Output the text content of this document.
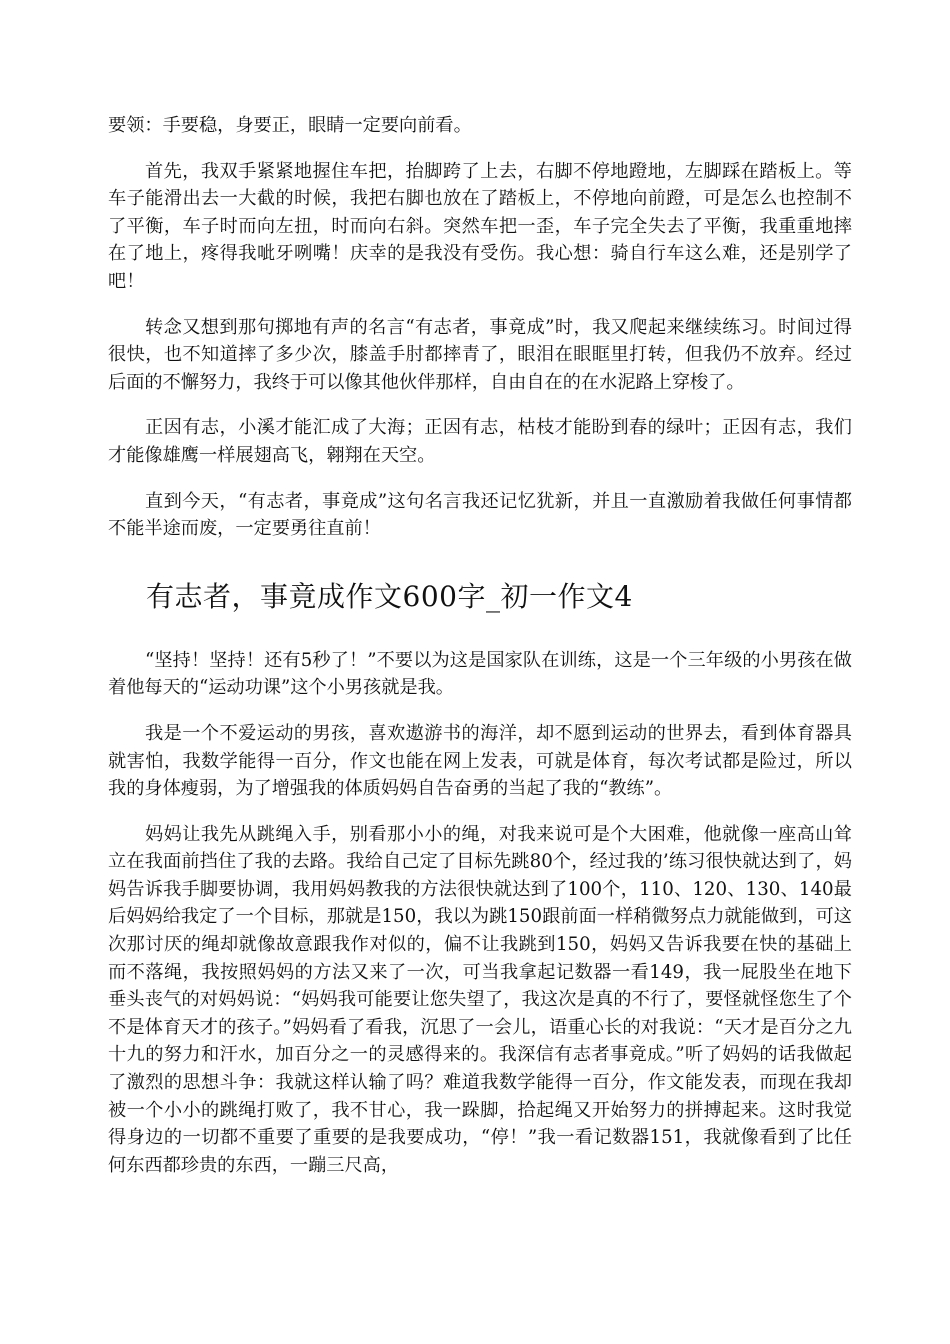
要领：手要稳，身要正，眼睛一定要向前看。

首先，我双手紧紧地握住车把，抬脚跨了上去，右脚不停地蹬地，左脚踩在踏板上。等车子能滑出去一大截的时候，我把右脚也放在了踏板上，不停地向前蹬，可是怎么也控制不了平衡，车子时而向左扭，时而向右斜。突然车把一歪，车子完全失去了平衡，我重重地摔在了地上，疼得我呲牙咧嘴！庆幸的是我没有受伤。我心想：骑自行车这么难，还是别学了吧！

转念又想到那句掷地有声的名言“有志者，事竟成”时，我又爬起来继续练习。时间过得很快，也不知道摔了多少次，膝盖手肘都摔青了，眼泪在眼眶里打转，但我仍不放弃。经过后面的不懈努力，我终于可以像其他伙伴那样，自由自在的在水泥路上穿梭了。

正因有志，小溪才能汇成了大海；正因有志，枯枝才能盼到春的绿叶；正因有志，我们才能像雄鹰一样展翅高飞，翱翔在天空。

直到今天，“有志者，事竟成”这句名言我还记忆犹新，并且一直激励着我做任何事情都不能半途而废，一定要勇往直前！

有志者，事竟成作文600字_初一作文4

“坚持！坚持！还有5秒了！”不要以为这是国家队在训练，这是一个三年级的小男孩在做着他每天的“运动功课”这个小男孩就是我。

我是一个不爱运动的男孩，喜欢遨游书的海洋，却不愿到运动的世界去，看到体育器具就害怕，我数学能得一百分，作文也能在网上发表，可就是体育，每次考试都是险过，所以我的身体瘦弱，为了增强我的体质妈妈自告奋勇的当起了我的“教练”。

妈妈让我先从跳绳入手，别看那小小的绳，对我来说可是个大困难，他就像一座高山耸立在我面前挡住了我的去路。我给自己定了目标先跳80个，经过我的’练习很快就达到了，妈妈告诉我手脚要协调，我用妈妈教我的方法很快就达到了100个，110、120、130、140最后妈妈给我定了一个目标，那就是150，我以为跳150跟前面一样稍微努点力就能做到，可这次那讨厌的绳却就像故意跟我作对似的，偏不让我跳到150，妈妈又告诉我要在快的基础上而不落绳，我按照妈妈的方法又来了一次，可当我拿起记数器一看149，我一屁股坐在地下垂头丧气的对妈妈说：“妈妈我可能要让您失望了，我这次是真的不行了，要怪就怪您生了个不是体育天才的孩子。”妈妈看了看我，沉思了一会儿，语重心长的对我说：“天才是百分之九十九的努力和汗水，加百分之一的灵感得来的。我深信有志者事竟成。”听了妈妈的话我做起了激烈的思想斗争：我就这样认输了吗？难道我数学能得一百分，作文能发表，而现在我却被一个小小的跳绳打败了，我不甘心，我一跺脚，拾起绳又开始努力的拼搏起来。这时我觉得身边的一切都不重要了重要的是我要成功，“停！”我一看记数器151，我就像看到了比任何东西都珍贵的东西，一蹦三尺高，
